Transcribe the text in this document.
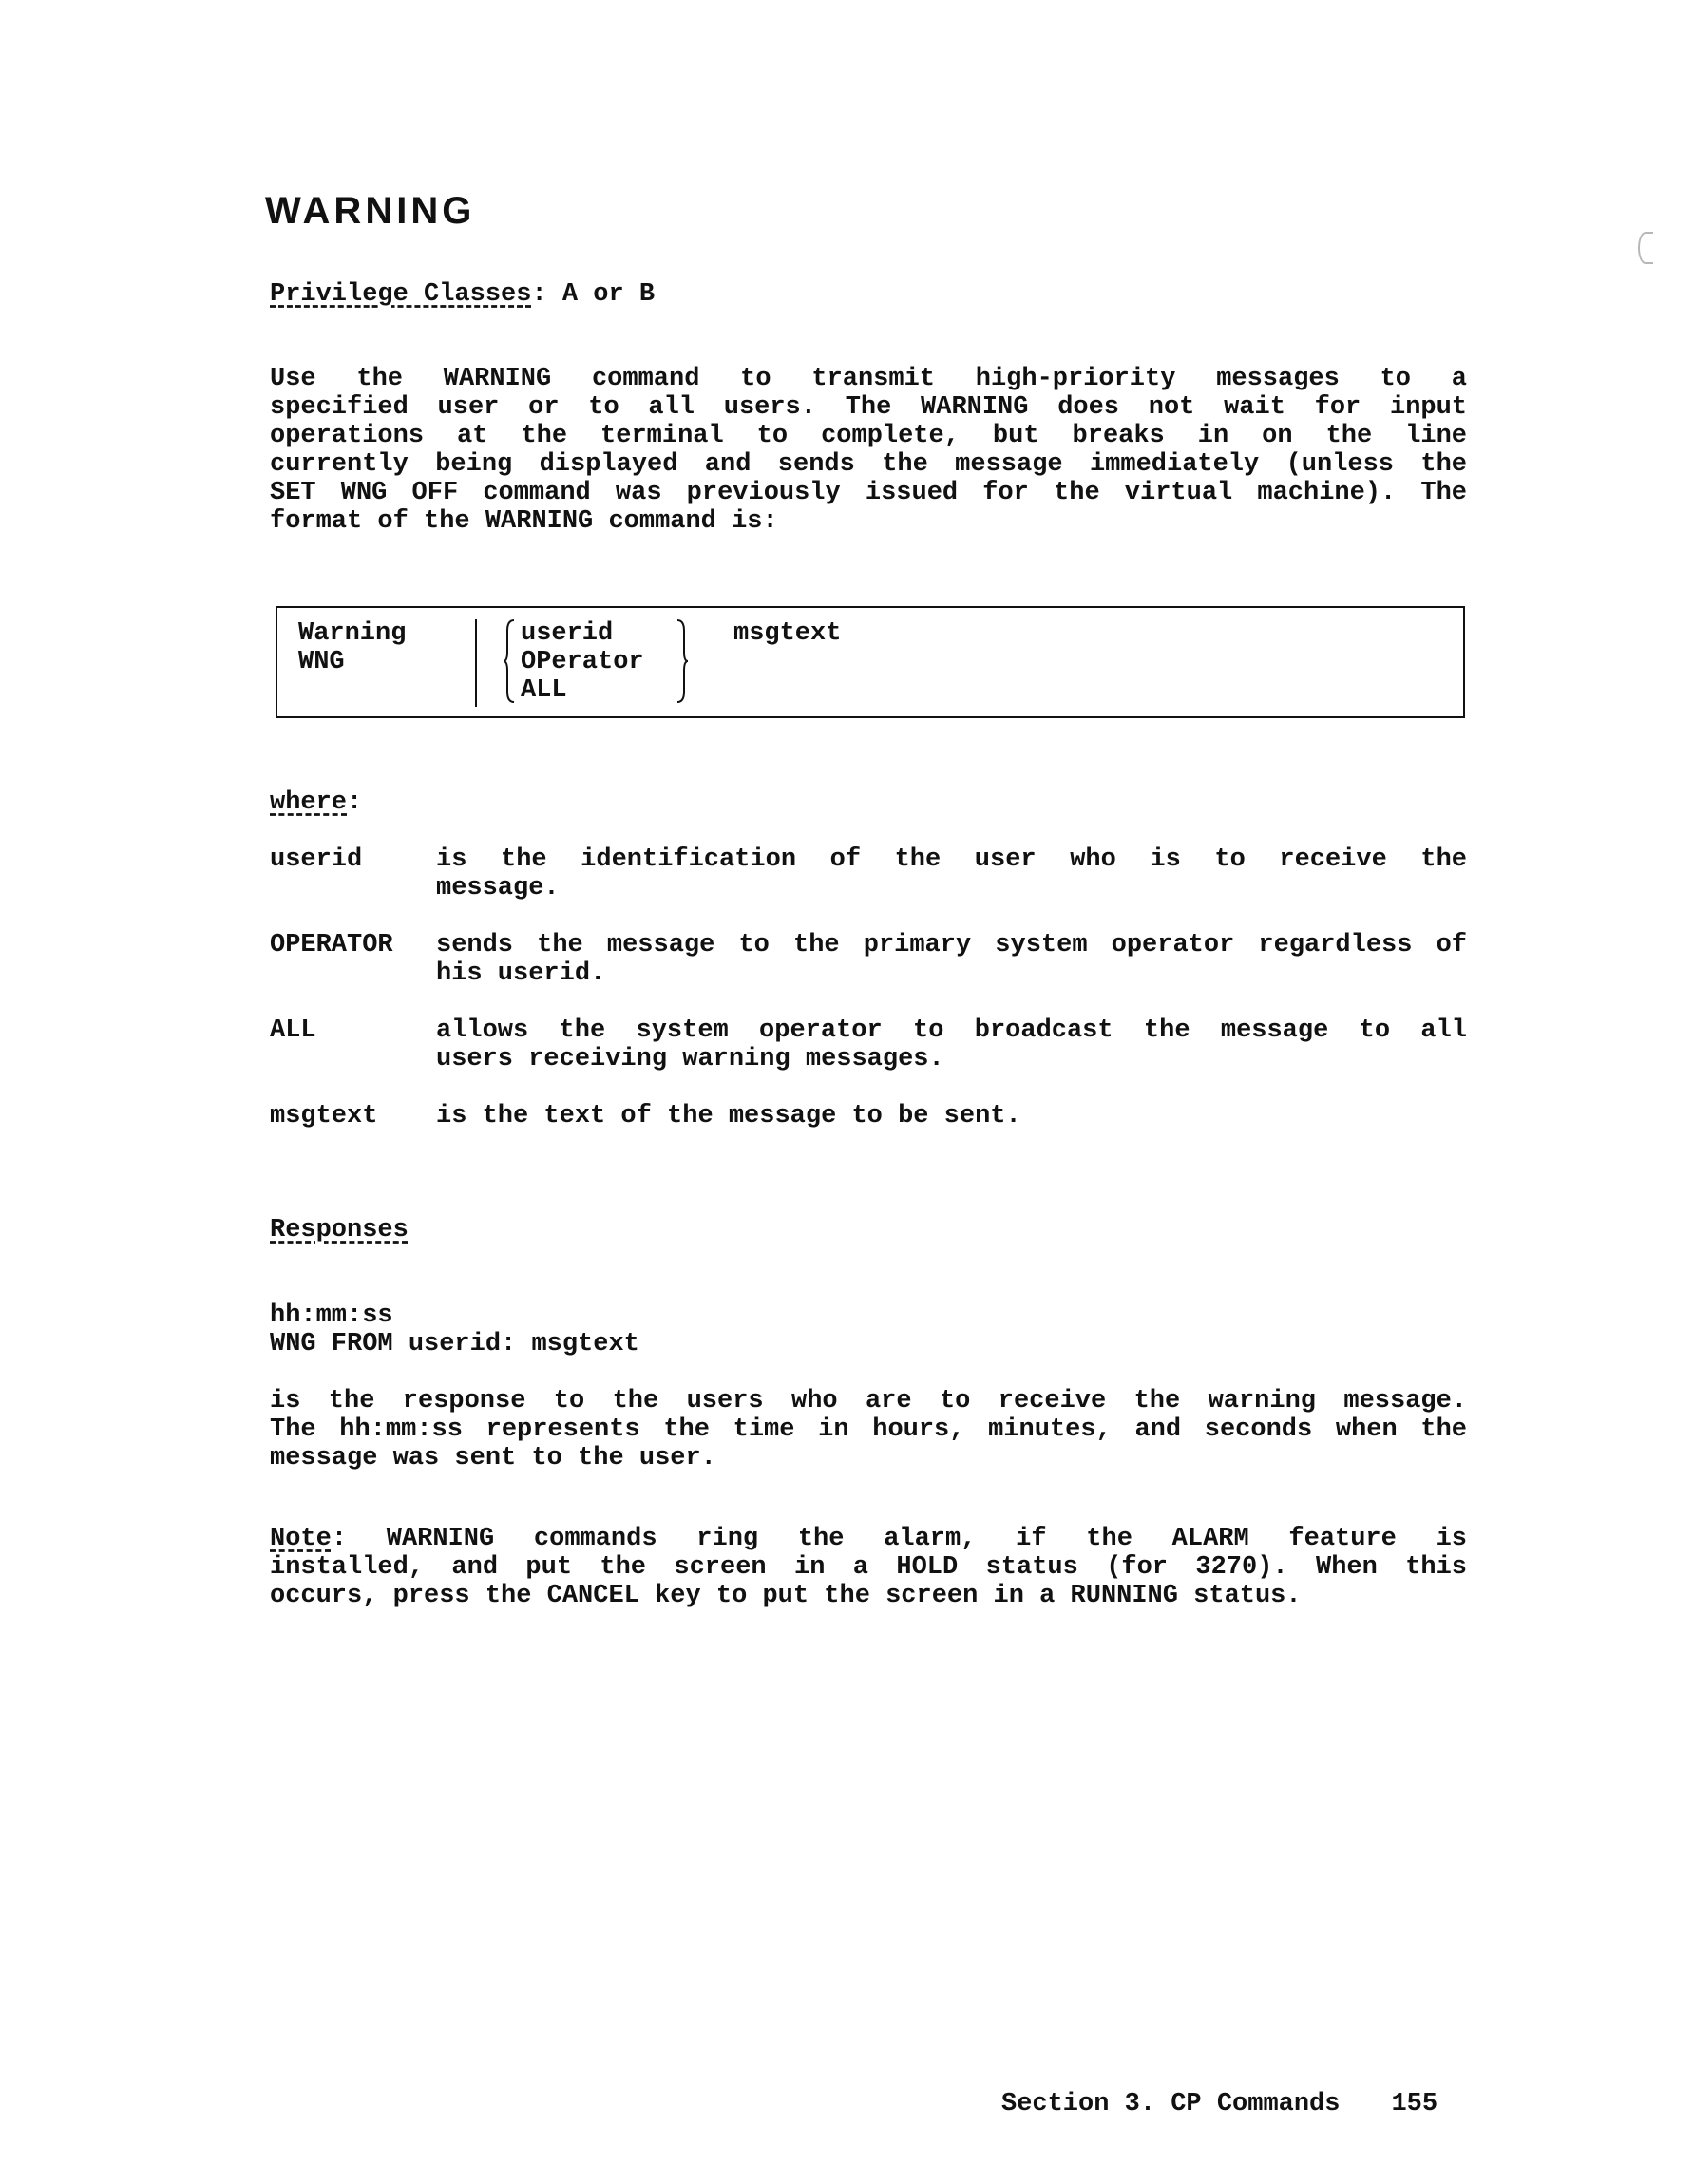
WARNING
Privilege Classes: A or B

Use the WARNING command to transmit high-priority messages to a
specified user or to all users. The WARNING does not wait for input
operations at the terminal to complete, but breaks in on the line
currently being displayed and sends the message immediately (unless the
SET WNG OFF command was previously issued for the virtual machine). The
format of the WARNING command is:

Warning
WNG
userid
OPerator
ALL
msgtext
where:
userid	is the identification of the user who is to receive the
message.
OPERATOR sends the message to the primary system operator regardless of
his userid.
ALL	allows the system operator to broadcast the message to all
users receiving warning messages.
msgtext is the text of the message to be sent.
Responses
hh:mm:ss
WNG FROM userid: msgtext
is the response to the users who are to receive the warning message.
The hh:mm:ss represents the time in hours, minutes, and seconds when the
message was sent to the user.
Note: WARNING commands ring the alarm, if the ALARM feature is
installed, and put the screen in a HOLD status (for 3270). When this
occurs, press the CANCEL key to put the screen in a RUNNING status.
Section 3. CP Commands 155
